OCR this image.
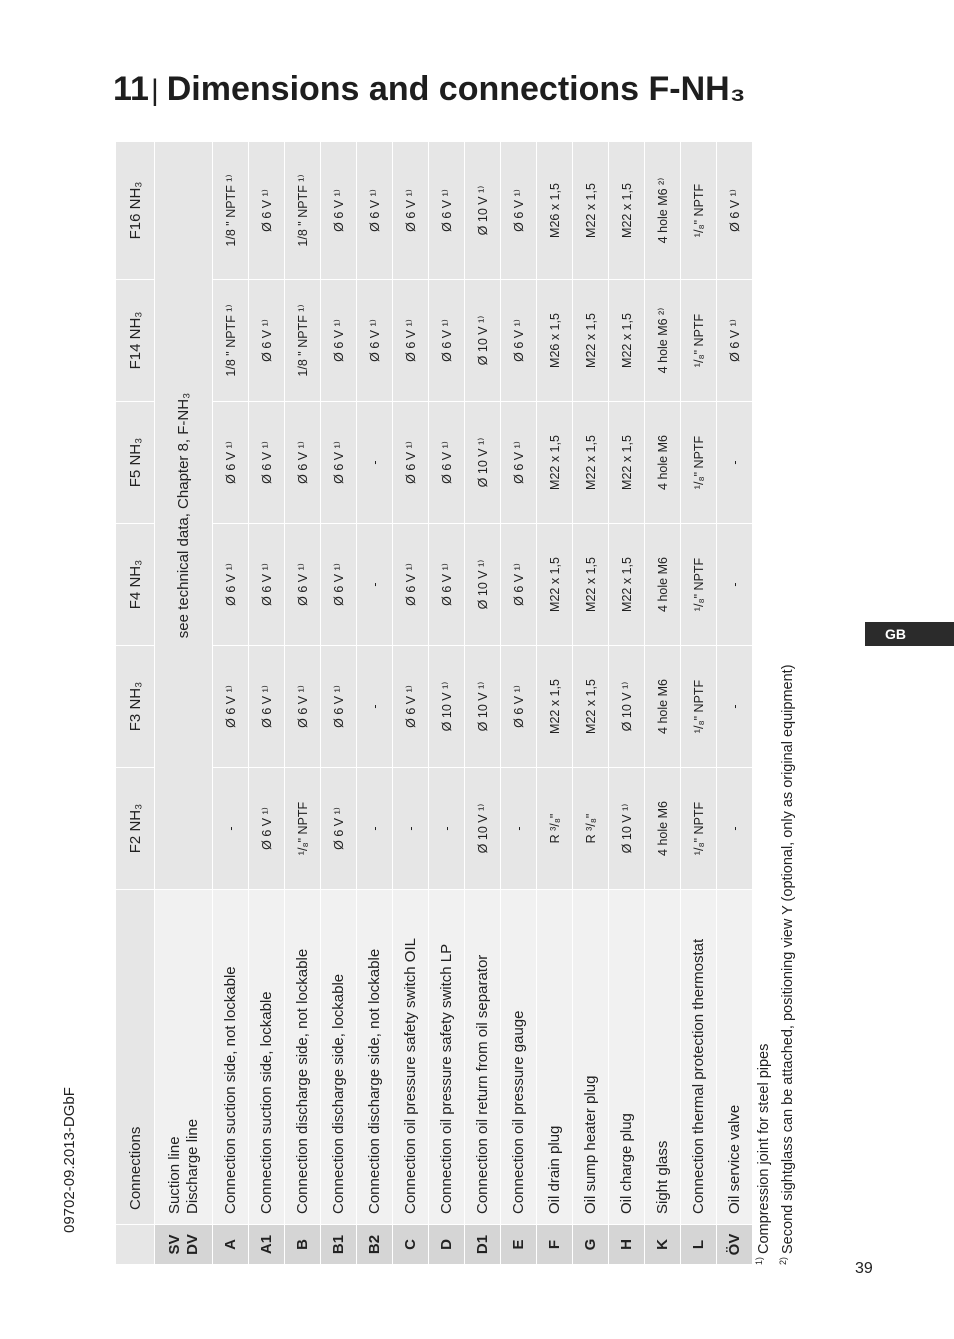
09702-09.2013-DGbF
11| Dimensions and connections F-NH₃
	Connections	F2 NH₃	F3 NH₃	F4 NH₃	F5 NH₃	F14 NH₃	F16 NH₃

SV DV	Suction line Discharge line	see technical data, Chapter 8, F-NH₃					
A	Connection suction side, not lockable	-	Ø 6 V ¹⁾	Ø 6 V ¹⁾	Ø 6 V ¹⁾	1/8 " NPTF ¹⁾	1/8 " NPTF ¹⁾
A1	Connection suction side, lockable	Ø 6 V ¹⁾	Ø 6 V ¹⁾	Ø 6 V ¹⁾	Ø 6 V ¹⁾	Ø 6 V ¹⁾	Ø 6 V ¹⁾
B	Connection discharge side, not lockable	¹/₈" NPTF	Ø 6 V ¹⁾	Ø 6 V ¹⁾	Ø 6 V ¹⁾	1/8 " NPTF ¹⁾	1/8 " NPTF ¹⁾
B1	Connection discharge side, lockable	Ø 6 V ¹⁾	Ø 6 V ¹⁾	Ø 6 V ¹⁾	Ø 6 V ¹⁾	Ø 6 V ¹⁾	Ø 6 V ¹⁾
B2	Connection discharge side, not lockable	-	-	-	-	Ø 6 V ¹⁾	Ø 6 V ¹⁾
C	Connection oil pressure safety switch OIL	-	Ø 6 V ¹⁾	Ø 6 V ¹⁾	Ø 6 V ¹⁾	Ø 6 V ¹⁾	Ø 6 V ¹⁾
D	Connection oil pressure safety switch LP	-	Ø 10 V ¹⁾	Ø 6 V ¹⁾	Ø 6 V ¹⁾	Ø 6 V ¹⁾	Ø 6 V ¹⁾
D1	Connection oil return from oil separator	Ø 10 V ¹⁾	Ø 10 V ¹⁾	Ø 10 V ¹⁾	Ø 10 V ¹⁾	Ø 10 V ¹⁾	Ø 10 V ¹⁾
E	Connection oil pressure gauge	-	Ø 6 V ¹⁾	Ø 6 V ¹⁾	Ø 6 V ¹⁾	Ø 6 V ¹⁾	Ø 6 V ¹⁾
F	Oil drain plug	R ³/₈"	M22 x 1,5	M22 x 1,5	M22 x 1,5	M26 x 1,5	M26 x 1,5
G	Oil sump heater plug	R ³/₈"	M22 x 1,5	M22 x 1,5	M22 x 1,5	M22 x 1,5	M22 x 1,5
H	Oil charge plug	Ø 10 V ¹⁾	Ø 10 V ¹⁾	M22 x 1,5	M22 x 1,5	M22 x 1,5	M22 x 1,5
K	Sight glass	4 hole M6	4 hole M6	4 hole M6	4 hole M6	4 hole M6 ²⁾	4 hole M6 ²⁾
L	Connection thermal protection thermostat	¹/₈" NPTF	¹/₈" NPTF	¹/₈" NPTF	¹/₈" NPTF	¹/₈" NPTF	¹/₈" NPTF
ÖV	Oil service valve	-	-	-	-	Ø 6 V ¹⁾	Ø 6 V ¹⁾
GB
$^{1)}$Compression joint for steel pipes
$^{2)}$Second sightglass can be attached, positioning view Y (optional, only as original equipment)
39
